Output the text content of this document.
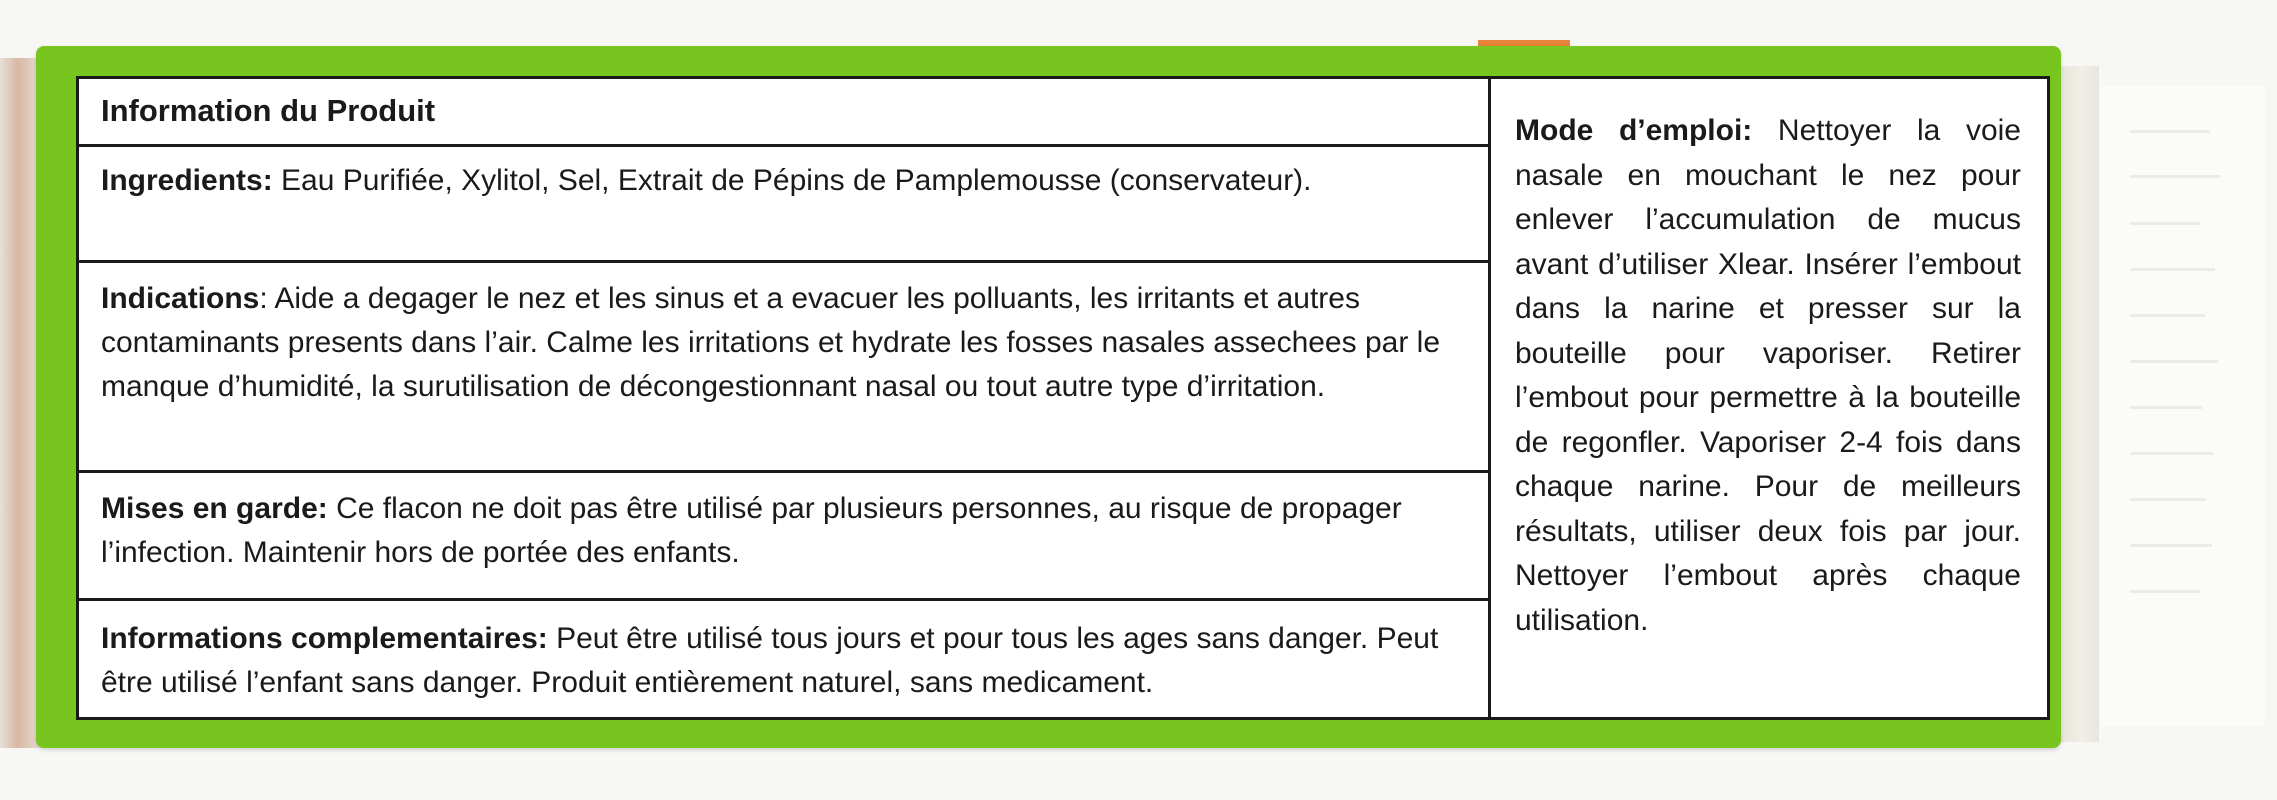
Information du Produit
Ingredients: Eau Purifiée, Xylitol, Sel, Extrait de Pépins de Pamplemousse (conservateur).
Indications: Aide a degager le nez et les sinus et a evacuer les polluants, les irritants et autres contaminants presents dans l’air. Calme les irritations et hydrate les fosses nasales assechees par le manque d’humidité, la surutilisation de décongestionnant nasal ou tout autre type d’irritation.
Mises en garde: Ce flacon ne doit pas être utilisé par plusieurs personnes, au risque de propager l’infection. Maintenir hors de portée des enfants.
Informations complementaires: Peut être utilisé tous jours et pour tous les ages sans danger. Peut être utilisé l’enfant sans danger. Produit entièrement naturel, sans medicament.
Mode d’emploi: Nettoyer la voie nasale en mouchant le nez pour enlever l’accumulation de mucus avant d’utiliser Xlear. Insérer l’embout dans la narine et presser sur la bouteille pour vaporiser. Retirer l’embout pour permettre à la bouteille de regonfler. Vaporiser 2-4 fois dans chaque narine. Pour de meilleurs résultats, utiliser deux fois par jour. Nettoyer l’embout après chaque utilisation.
